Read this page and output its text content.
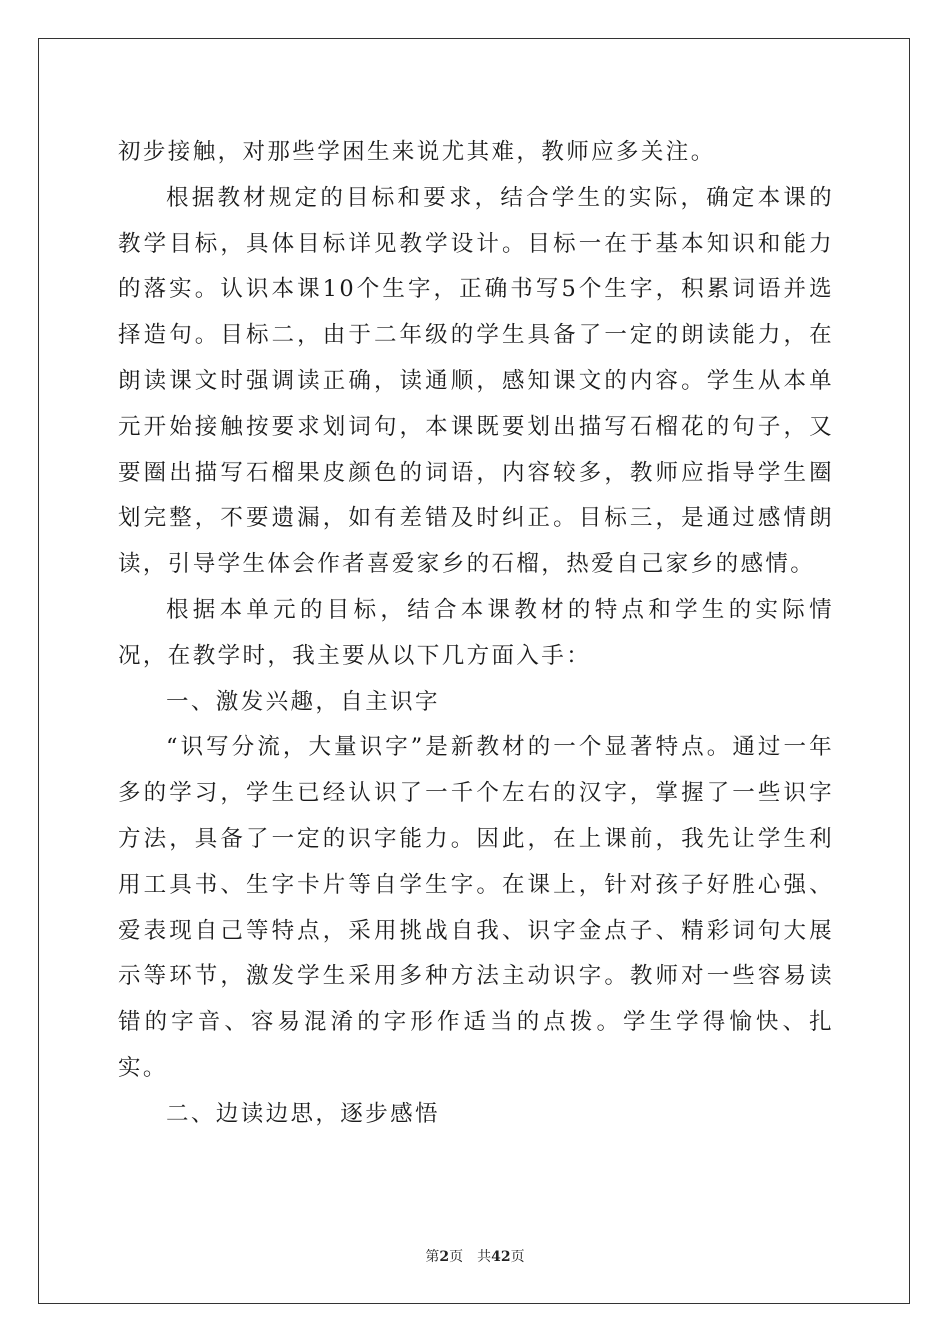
初步接触，对那些学困生来说尤其难，教师应多关注。

根据教材规定的目标和要求，结合学生的实际，确定本课的教学目标，具体目标详见教学设计。目标一在于基本知识和能力的落实。认识本课10个生字，正确书写5个生字，积累词语并选择造句。目标二，由于二年级的学生具备了一定的朗读能力，在朗读课文时强调读正确，读通顺，感知课文的内容。学生从本单元开始接触按要求划词句，本课既要划出描写石榴花的句子，又要圈出描写石榴果皮颜色的词语，内容较多，教师应指导学生圈划完整，不要遗漏，如有差错及时纠正。目标三，是通过感情朗读，引导学生体会作者喜爱家乡的石榴，热爱自己家乡的感情。

根据本单元的目标，结合本课教材的特点和学生的实际情况，在教学时，我主要从以下几方面入手：

一、激发兴趣，自主识字

“识写分流，大量识字”是新教材的一个显著特点。通过一年多的学习，学生已经认识了一千个左右的汉字，掌握了一些识字方法，具备了一定的识字能力。因此，在上课前，我先让学生利用工具书、生字卡片等自学生字。在课上，针对孩子好胜心强、爱表现自己等特点，采用挑战自我、识字金点子、精彩词句大展示等环节，激发学生采用多种方法主动识字。教师对一些容易读错的字音、容易混淆的字形作适当的点拨。学生学得愉快、扎实。

二、边读边思，逐步感悟

第2页 共42页
